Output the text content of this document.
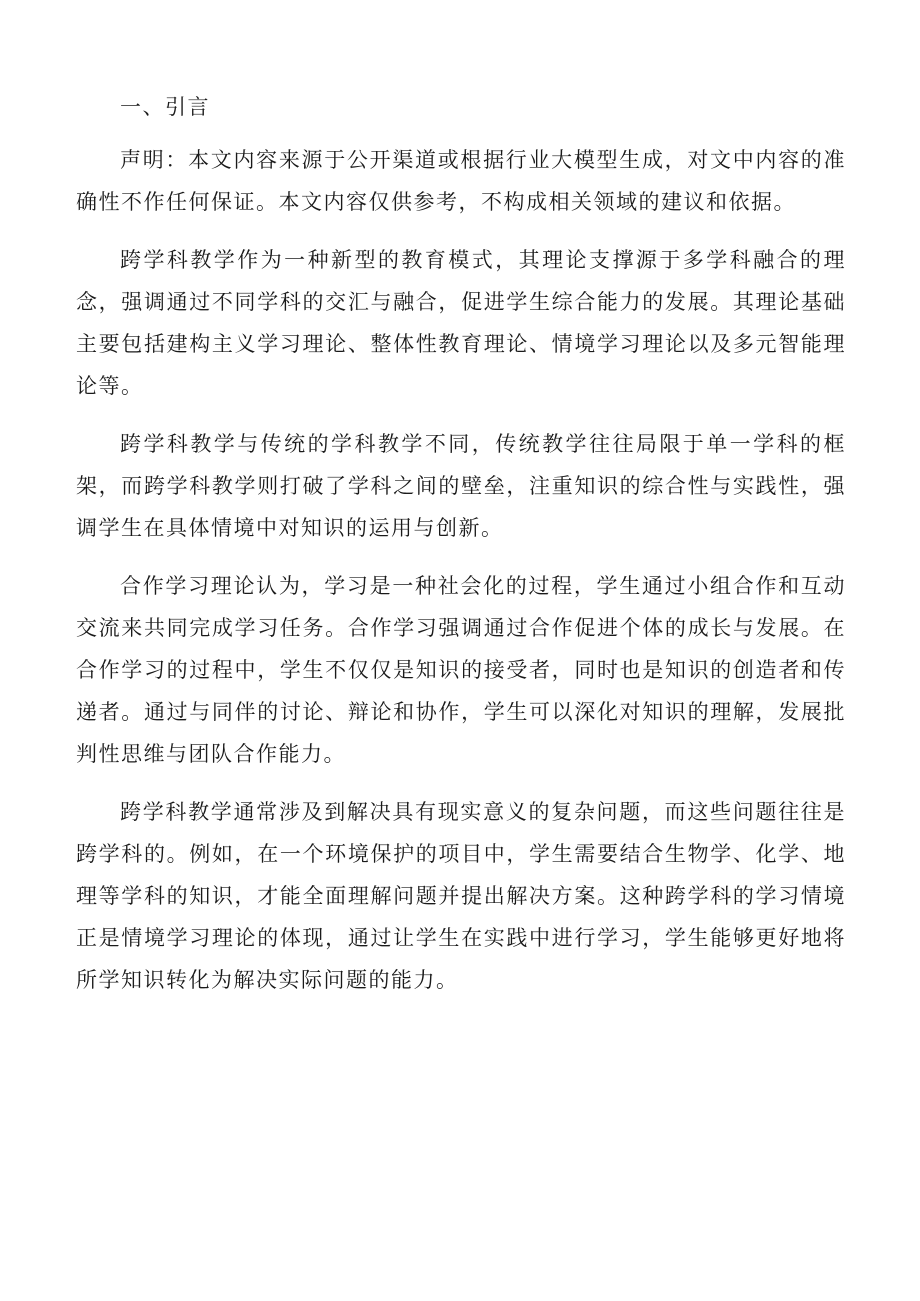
一、引言

声明：本文内容来源于公开渠道或根据行业大模型生成，对文中内容的准确性不作任何保证。本文内容仅供参考，不构成相关领域的建议和依据。

跨学科教学作为一种新型的教育模式，其理论支撑源于多学科融合的理念，强调通过不同学科的交汇与融合，促进学生综合能力的发展。其理论基础主要包括建构主义学习理论、整体性教育理论、情境学习理论以及多元智能理论等。

跨学科教学与传统的学科教学不同，传统教学往往局限于单一学科的框架，而跨学科教学则打破了学科之间的壁垒，注重知识的综合性与实践性，强调学生在具体情境中对知识的运用与创新。

合作学习理论认为，学习是一种社会化的过程，学生通过小组合作和互动交流来共同完成学习任务。合作学习强调通过合作促进个体的成长与发展。在合作学习的过程中，学生不仅仅是知识的接受者，同时也是知识的创造者和传递者。通过与同伴的讨论、辩论和协作，学生可以深化对知识的理解，发展批判性思维与团队合作能力。

跨学科教学通常涉及到解决具有现实意义的复杂问题，而这些问题往往是跨学科的。例如，在一个环境保护的项目中，学生需要结合生物学、化学、地理等学科的知识，才能全面理解问题并提出解决方案。这种跨学科的学习情境正是情境学习理论的体现，通过让学生在实践中进行学习，学生能够更好地将所学知识转化为解决实际问题的能力。
